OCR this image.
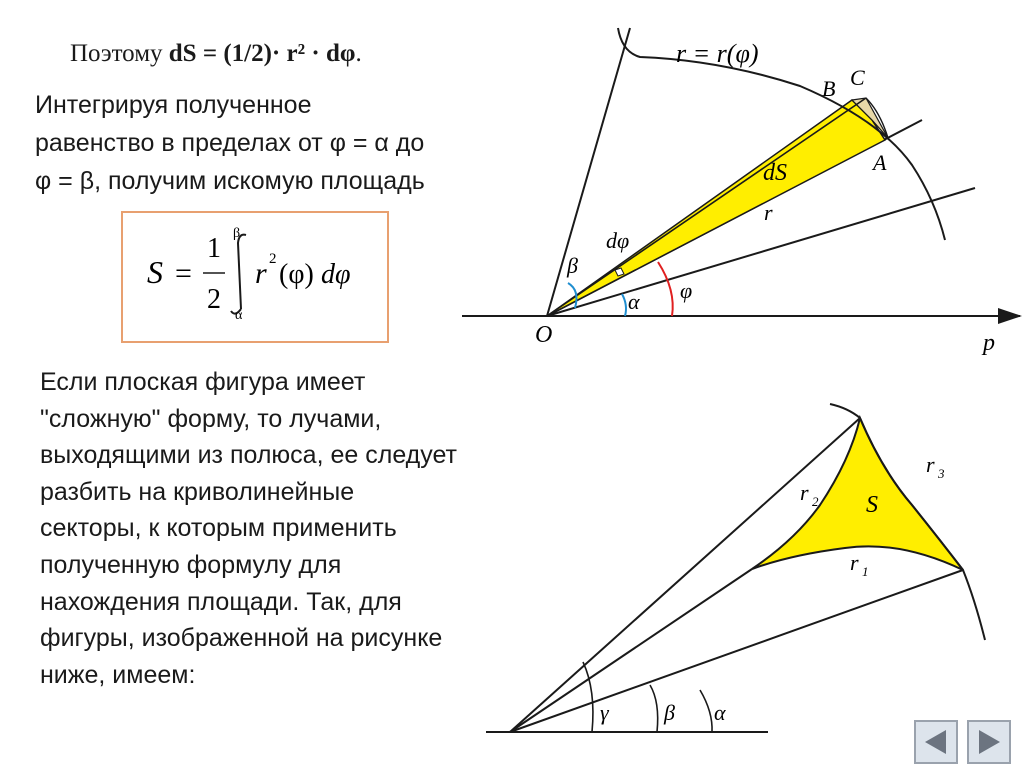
Поэтому dS = (1/2)· r² · dφ.

Интегрируя полученное
равенство в пределах от φ = α до
φ = β, получим искомую площадь

S =
1
2
β
α
r 2 (φ) dφ

Если плоская фигура имеет
"сложную" форму, то лучами,
выходящими из полюса, ее следует
разбить на криволинейные
секторы, к которым применить
полученную формулу для
нахождения площади. Так, для
фигуры, изображенной на рисунке
ниже, имеем:

r = r(φ)
B C
A
dS
r
dφ
β
α φ
O	p
r 2
r 3
r 1
S
γ	β α
